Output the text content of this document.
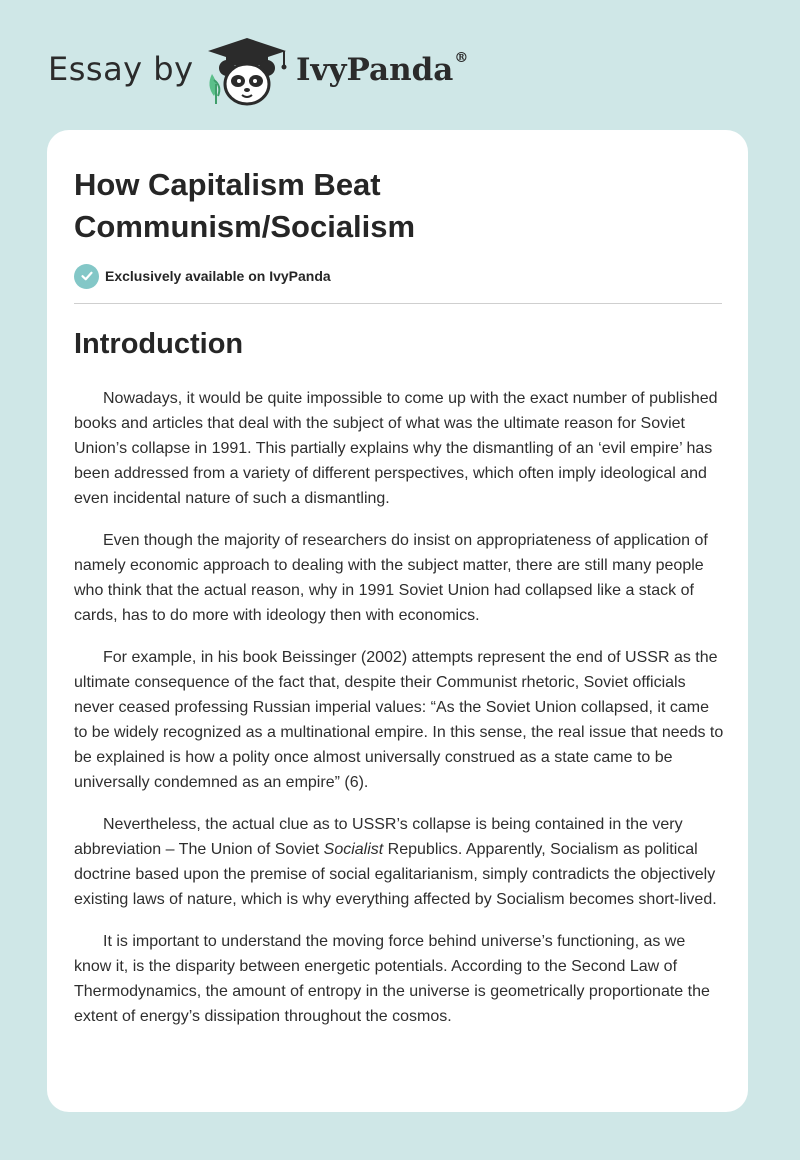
Essay by	IvyPanda®
How Capitalism Beat Communism/Socialism
Exclusively available on IvyPanda
Introduction

Nowadays, it would be quite impossible to come up with the exact number of published books and articles that deal with the subject of what was the ultimate reason for Soviet Union’s collapse in 1991. This partially explains why the dismantling of an ‘evil empire’ has been addressed from a variety of different perspectives, which often imply ideological and even incidental nature of such a dismantling.

Even though the majority of researchers do insist on appropriateness of application of namely economic approach to dealing with the subject matter, there are still many people who think that the actual reason, why in 1991 Soviet Union had collapsed like a stack of cards, has to do more with ideology then with economics.

For example, in his book Beissinger (2002) attempts represent the end of USSR as the ultimate consequence of the fact that, despite their Communist rhetoric, Soviet officials never ceased professing Russian imperial values: “As the Soviet Union collapsed, it came to be widely recognized as a multinational empire. In this sense, the real issue that needs to be explained is how a polity once almost universally construed as a state came to be universally condemned as an empire” (6).

Nevertheless, the actual clue as to USSR’s collapse is being contained in the very abbreviation – The Union of Soviet Socialist Republics. Apparently, Socialism as political doctrine based upon the premise of social egalitarianism, simply contradicts the objectively existing laws of nature, which is why everything affected by Socialism becomes short-lived.

It is important to understand the moving force behind universe’s functioning, as we know it, is the disparity between energetic potentials. According to the Second Law of Thermodynamics, the amount of entropy in the universe is geometrically proportionate the extent of energy’s dissipation throughout the cosmos.
